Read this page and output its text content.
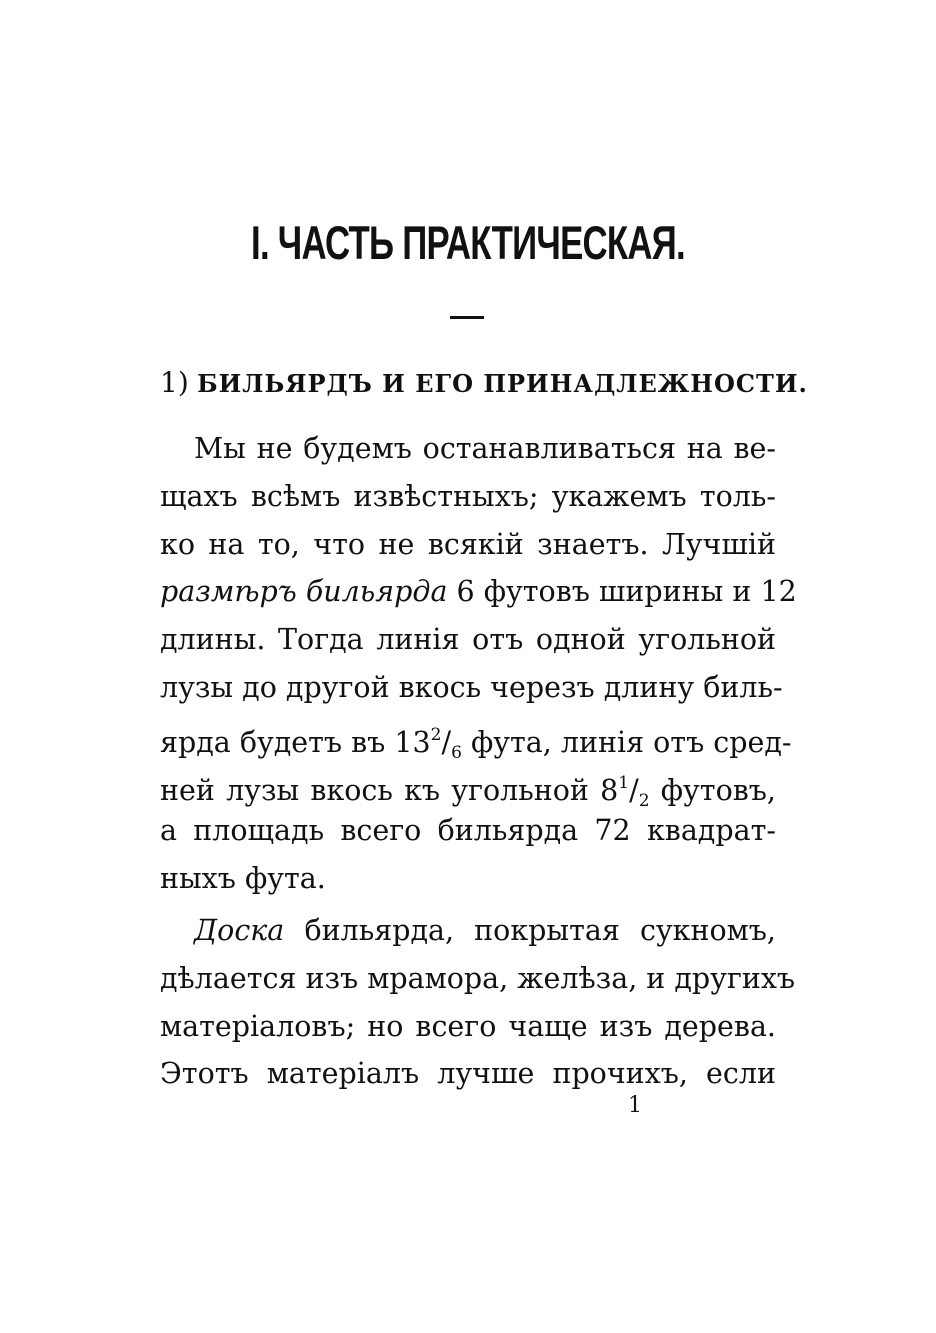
I. ЧАСТЬ ПРАКТИЧЕСКАЯ.
1) БИЛЬЯРДЪ И ЕГО ПРИНАДЛЕЖНОСТИ.
Мы не будемъ останавливаться на ве-
щахъ всѣмъ извѣстныхъ; укажемъ толь-
ко на то, что не всякій знаетъ. Лучшій
размѣръ бильярда 6 футовъ ширины и 12
длины. Тогда линія отъ одной угольной
лузы до другой вкось черезъ длину биль-
ярда будетъ въ $13^2/_6$ фута, линія отъ сред-
ней лузы вкось къ угольной $8^1/_2$ футовъ,
а площадь всего бильярда 72 квадрат-
ныхъ фута.
Доска бильярда, покрытая сукномъ,
дѣлается изъ мрамора, желѣза, и другихъ
матеріаловъ; но всего чаще изъ дерева.
Этотъ матеріалъ лучше прочихъ, если
1
